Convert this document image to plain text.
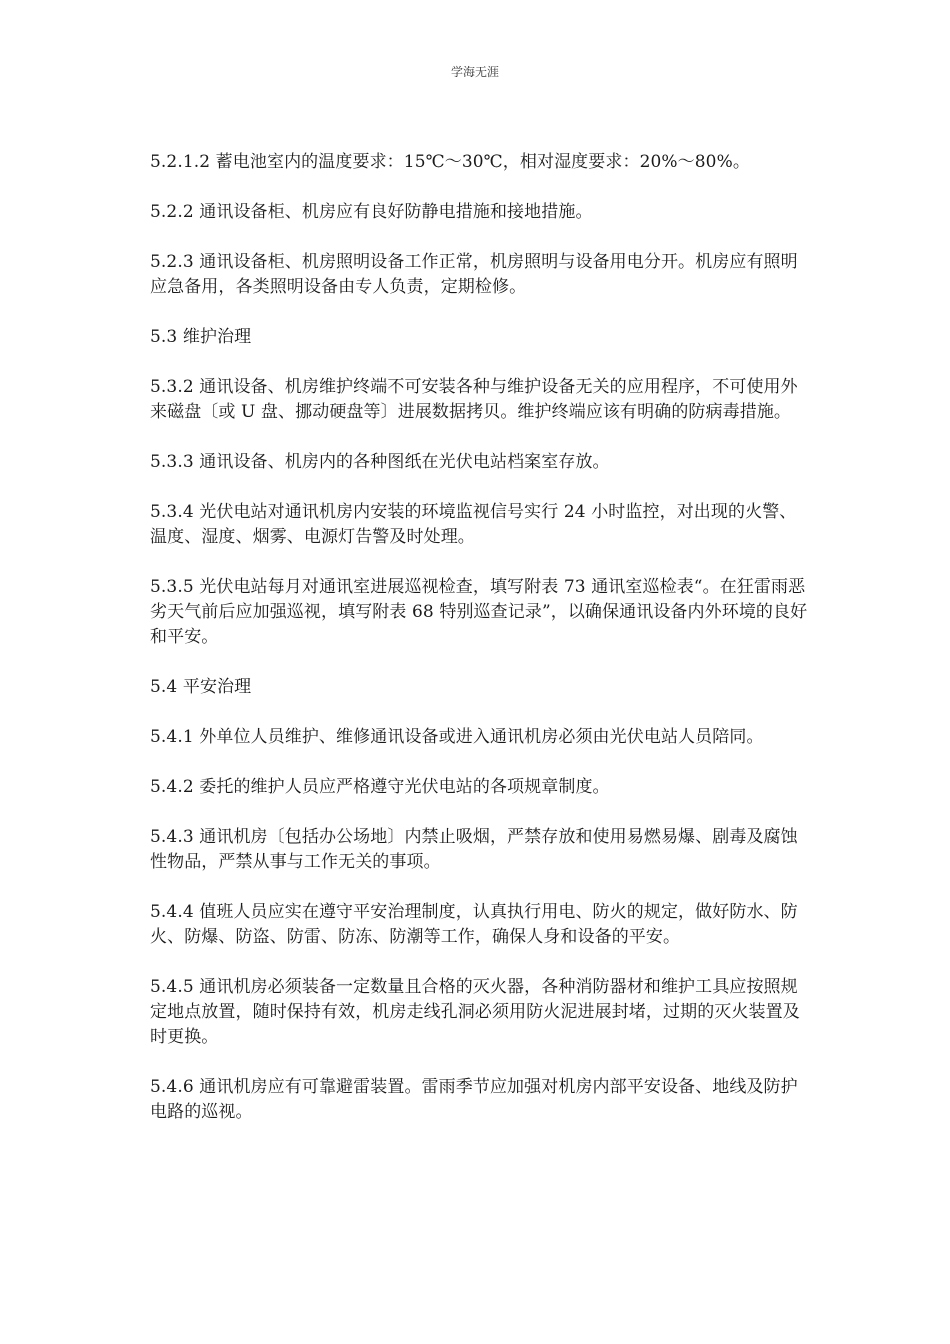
学海无涯

5.2.1.2 蓄电池室内的温度要求：15℃～30℃，相对湿度要求：20%～80%。

5.2.2 通讯设备柜、机房应有良好防静电措施和接地措施。

5.2.3 通讯设备柜、机房照明设备工作正常，机房照明与设备用电分开。机房应有照明应急备用，各类照明设备由专人负责，定期检修。

5.3 维护治理

5.3.2 通讯设备、机房维护终端不可安装各种与维护设备无关的应用程序，不可使用外来磁盘〔或 U 盘、挪动硬盘等〕进展数据拷贝。维护终端应该有明确的防病毒措施。

5.3.3 通讯设备、机房内的各种图纸在光伏电站档案室存放。

5.3.4 光伏电站对通讯机房内安装的环境监视信号实行 24 小时监控，对出现的火警、温度、湿度、烟雾、电源灯告警及时处理。

5.3.5 光伏电站每月对通讯室进展巡视检查，填写附表 73 通讯室巡检表“。在狂雷雨恶劣天气前后应加强巡视，填写附表 68 特别巡查记录”，以确保通讯设备内外环境的良好和平安。

5.4 平安治理

5.4.1 外单位人员维护、维修通讯设备或进入通讯机房必须由光伏电站人员陪同。

5.4.2 委托的维护人员应严格遵守光伏电站的各项规章制度。

5.4.3 通讯机房〔包括办公场地〕内禁止吸烟，严禁存放和使用易燃易爆、剧毒及腐蚀性物品，严禁从事与工作无关的事项。

5.4.4 值班人员应实在遵守平安治理制度，认真执行用电、防火的规定，做好防水、防火、防爆、防盗、防雷、防冻、防潮等工作，确保人身和设备的平安。

5.4.5 通讯机房必须装备一定数量且合格的灭火器，各种消防器材和维护工具应按照规定地点放置，随时保持有效，机房走线孔洞必须用防火泥进展封堵，过期的灭火装置及时更换。

5.4.6 通讯机房应有可靠避雷装置。雷雨季节应加强对机房内部平安设备、地线及防护电路的巡视。
